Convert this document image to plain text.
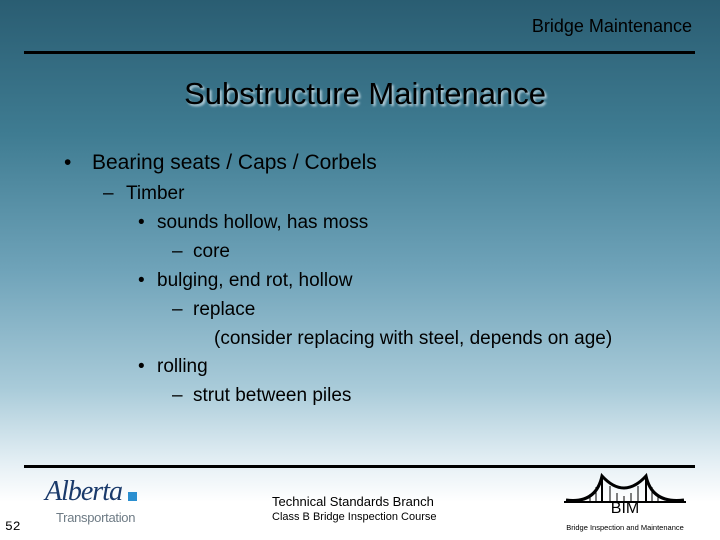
Bridge Maintenance
Substructure Maintenance
• Bearing seats / Caps / Corbels
– Timber
• sounds hollow, has moss
– core
• bulging, end rot, hollow
– replace
(consider replacing with steel, depends on age)
• rolling
– strut between piles
52
Alberta
Transportation
Technical Standards Branch
Class B Bridge Inspection Course	BIM
Bridge Inspection and Maintenance
